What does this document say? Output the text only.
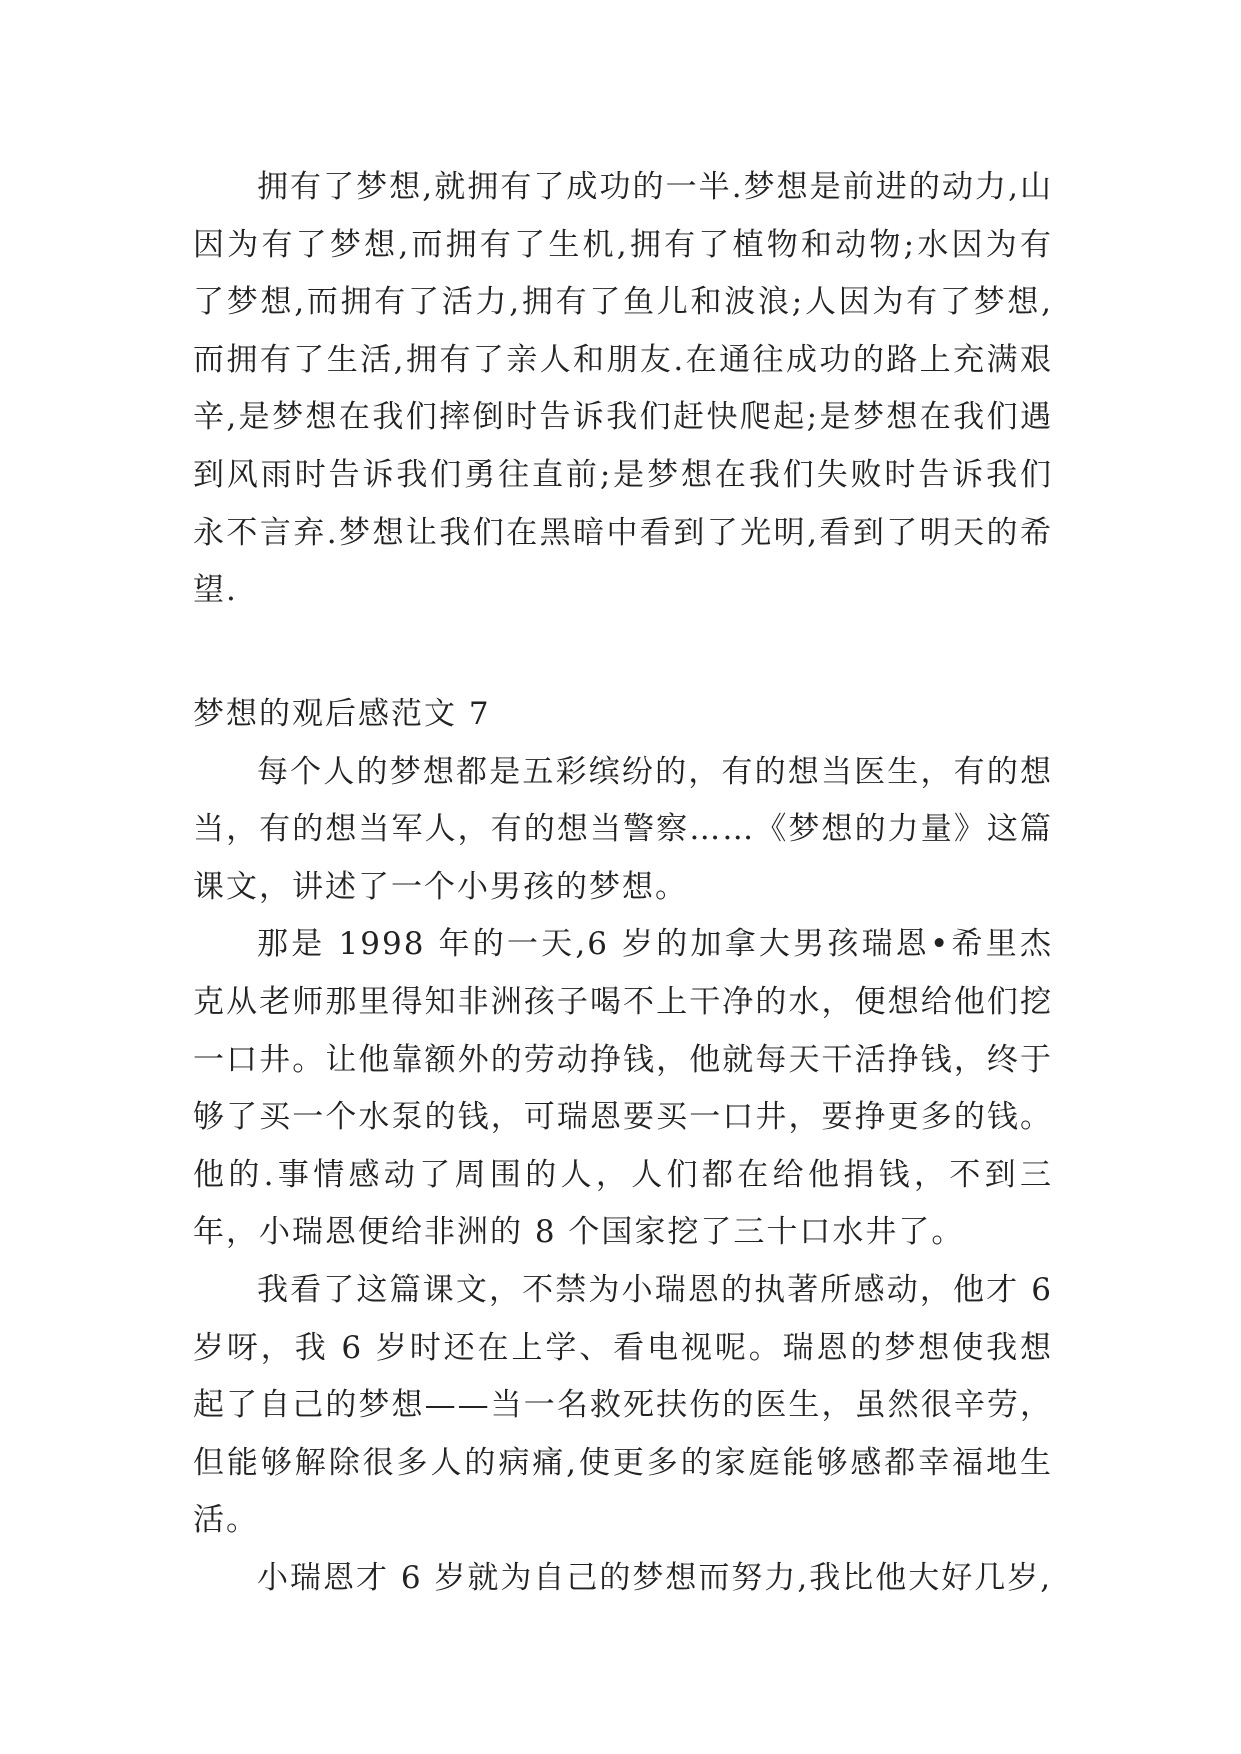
拥有了梦想,就拥有了成功的一半.梦想是前进的动力,山因为有了梦想,而拥有了生机,拥有了植物和动物;水因为有了梦想,而拥有了活力,拥有了鱼儿和波浪;人因为有了梦想,而拥有了生活,拥有了亲人和朋友.在通往成功的路上充满艰辛,是梦想在我们摔倒时告诉我们赶快爬起;是梦想在我们遇到风雨时告诉我们勇往直前;是梦想在我们失败时告诉我们永不言弃.梦想让我们在黑暗中看到了光明,看到了明天的希望.

梦想的观后感范文 7

每个人的梦想都是五彩缤纷的，有的想当医生，有的想当，有的想当军人，有的想当警察……《梦想的力量》这篇课文，讲述了一个小男孩的梦想。

那是 1998 年的一天,6 岁的加拿大男孩瑞恩•希里杰克从老师那里得知非洲孩子喝不上干净的水，便想给他们挖一口井。让他靠额外的劳动挣钱，他就每天干活挣钱，终于够了买一个水泵的钱，可瑞恩要买一口井，要挣更多的钱。他的.事情感动了周围的人，人们都在给他捐钱，不到三年，小瑞恩便给非洲的 8 个国家挖了三十口水井了。

我看了这篇课文，不禁为小瑞恩的执著所感动，他才 6 岁呀，我 6 岁时还在上学、看电视呢。瑞恩的梦想使我想起了自己的梦想——当一名救死扶伤的医生，虽然很辛劳，但能够解除很多人的病痛,使更多的家庭能够感都幸福地生活。

小瑞恩才 6 岁就为自己的梦想而努力,我比他大好几岁,
